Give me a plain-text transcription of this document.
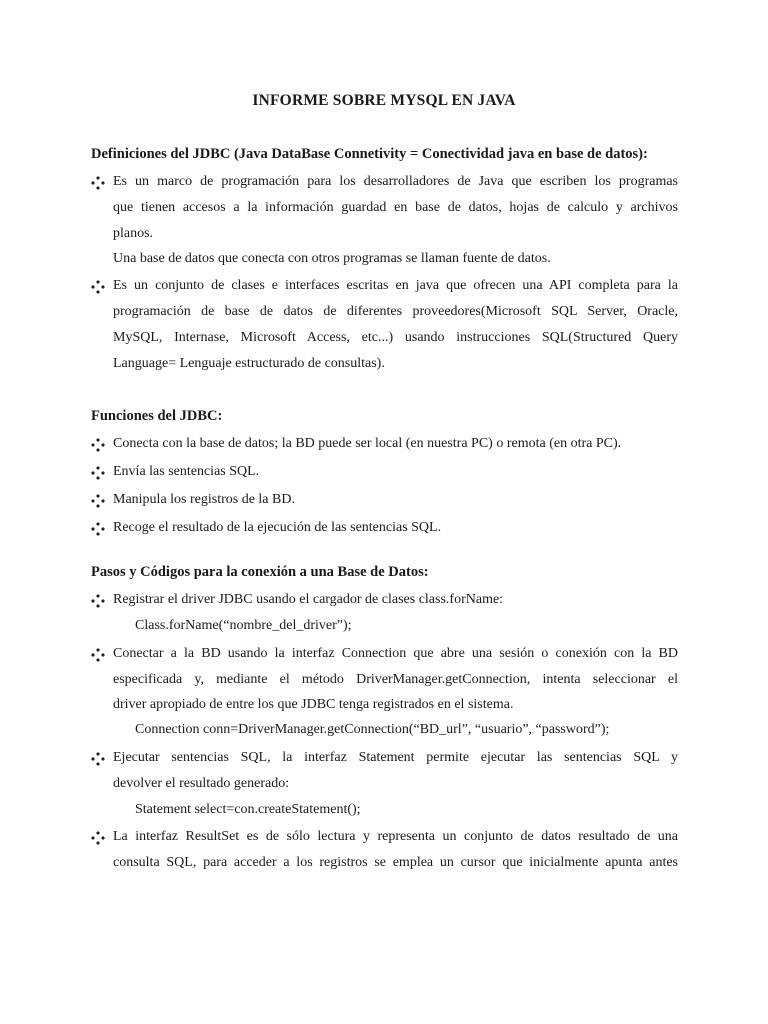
INFORME SOBRE MYSQL EN JAVA
Definiciones del JDBC (Java DataBase Connetivity = Conectividad java en base de datos):
Es un marco de programación para los desarrolladores de Java que escriben los programas
que tienen accesos a la información guardad en base de datos, hojas de calculo y archivos
planos.
Una base de datos que conecta con otros programas se llaman fuente de datos.
Es un conjunto de clases e interfaces escritas en java que ofrecen una API completa para la
programación de base de datos de diferentes proveedores(Microsoft SQL Server, Oracle,
MySQL, Internase, Microsoft Access, etc...) usando instrucciones SQL(Structured Query
Language= Lenguaje estructurado de consultas).
Funciones del JDBC:
Conecta con la base de datos; la BD puede ser local (en nuestra PC) o remota (en otra PC).
Envía las sentencias SQL.
Manipula los registros de la BD.
Recoge el resultado de la ejecución de las sentencias SQL.
Pasos y Códigos para la conexión a una Base de Datos:
Registrar el driver JDBC usando el cargador de clases class.forName:
Class.forName(“nombre_del_driver”);
Conectar a la BD usando la interfaz Connection que abre una sesión o conexión con la BD
especificada y, mediante el método DriverManager.getConnection, intenta seleccionar el
driver apropiado de entre los que JDBC tenga registrados en el sistema.
Connection conn=DriverManager.getConnection(“BD_url”, “usuario”, “password”);
Ejecutar sentencias SQL, la interfaz Statement permite ejecutar las sentencias SQL y
devolver el resultado generado:
Statement select=con.createStatement();
La interfaz ResultSet es de sólo lectura y representa un conjunto de datos resultado de una
consulta SQL, para acceder a los registros se emplea un cursor que inicialmente apunta antes
